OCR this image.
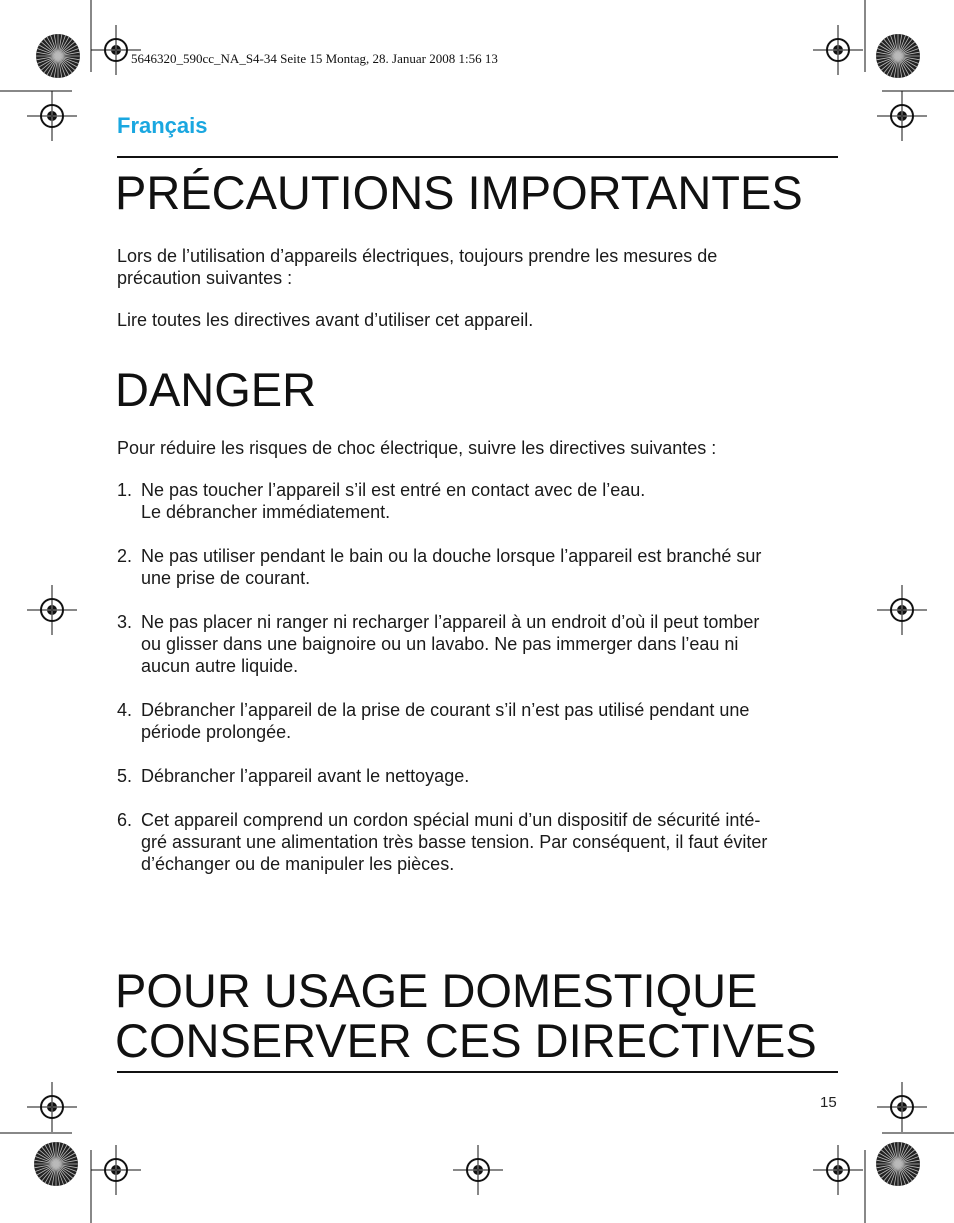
5646320_590cc_NA_S4-34 Seite 15 Montag, 28. Januar 2008 1:56 13
Français
PRÉCAUTIONS IMPORTANTES

Lors de l’utilisation d’appareils électriques, toujours prendre les mesures de
précaution suivantes :

Lire toutes les directives avant d’utiliser cet appareil.

DANGER

Pour réduire les risques de choc électrique, suivre les directives suivantes :

1. Ne pas toucher l’appareil s’il est entré en contact avec de l’eau.
Le débrancher immédiatement.
2. Ne pas utiliser pendant le bain ou la douche lorsque l’appareil est branché sur
une prise de courant.
3. Ne pas placer ni ranger ni recharger l’appareil à un endroit d’où il peut tomber
ou glisser dans une baignoire ou un lavabo. Ne pas immerger dans l’eau ni
aucun autre liquide.
4. Débrancher l’appareil de la prise de courant s’il n’est pas utilisé pendant une
période prolongée.
5. Débrancher l’appareil avant le nettoyage.
6. Cet appareil comprend un cordon spécial muni d’un dispositif de sécurité inté-
gré assurant une alimentation très basse tension. Par conséquent, il faut éviter
d’échanger ou de manipuler les pièces.
POUR USAGE DOMESTIQUE
CONSERVER CES DIRECTIVES
15
